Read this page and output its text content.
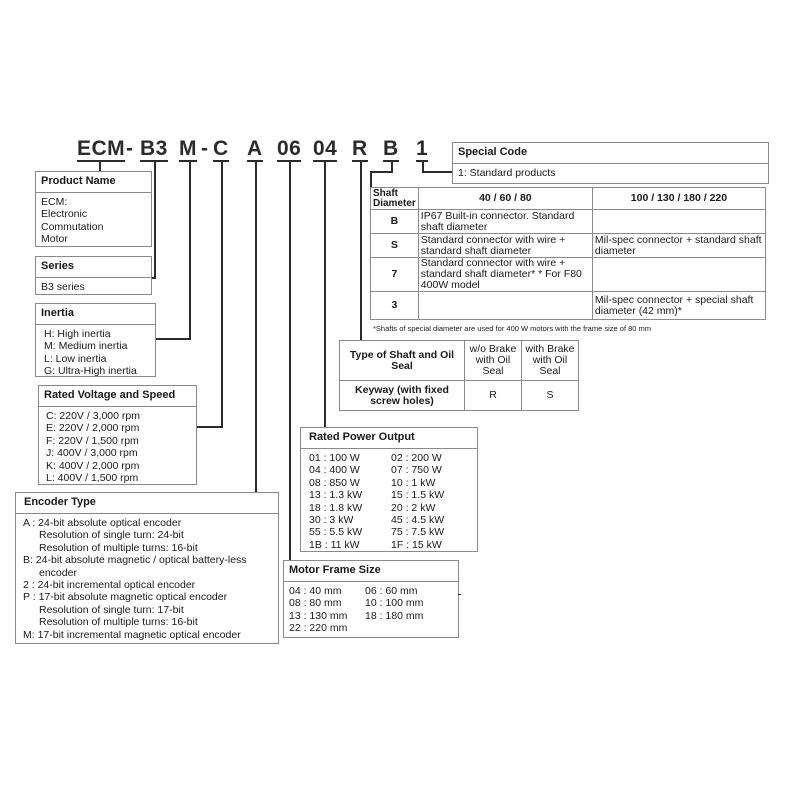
ECM - B3 M - C A 06 04 R B 1
Product Name
ECM:
Electronic
Commutation
Motor
Series
B3 series
Inertia
H: High inertia
M: Medium inertia
L: Low inertia
G: Ultra-High inertia
Rated Voltage and Speed
C: 220V / 3,000 rpm
E: 220V / 2,000 rpm
F: 220V / 1,500 rpm
J: 400V / 3,000 rpm
K: 400V / 2,000 rpm
L: 400V / 1,500 rpm
Encoder Type
A : 24-bit absolute optical encoder
Resolution of single turn: 24-bit
Resolution of multiple turns: 16-bit
B: 24-bit absolute magnetic / optical battery-less
encoder
2 : 24-bit incremental optical encoder
P : 17-bit absolute magnetic optical encoder
Resolution of single turn: 17-bit
Resolution of multiple turns: 16-bit
M: 17-bit incremental magnetic optical encoder
Special Code
1: Standard products
Shaft Diameter	40 / 60 / 80	100 / 130 / 180 / 220
B	IP67 Built-in connector. Standard shaft diameter	
S	Standard connector with wire + standard shaft diameter	Mil-spec connector + standard shaft diameter
7	Standard connector with wire + standard shaft diameter* * For F80 400W model	
3		Mil-spec connector + special shaft diameter (42 mm)*
*Shafts of special diameter are used for 400 W motors with the frame size of 80 mm
Type of Shaft and Oil Seal	w/o Brake with Oil Seal	with Brake with Oil Seal
Keyway (with fixed screw holes)	R	S
Rated Power Output
01 : 100 W	02 : 200 W
04 : 400 W	07 : 750 W
08 : 850 W	10 : 1 kW
13 : 1.3 kW	15 : 1.5 kW
18 : 1.8 kW	20 : 2 kW
30 : 3 kW	45 : 4.5 kW
55 : 5.5 kW	75 : 7.5 kW
1B : 11 kW	1F : 15 kW
Motor Frame Size
04 : 40 mm	06 : 60 mm
08 : 80 mm	10 : 100 mm
13 : 130 mm	18 : 180 mm
22 : 220 mm
